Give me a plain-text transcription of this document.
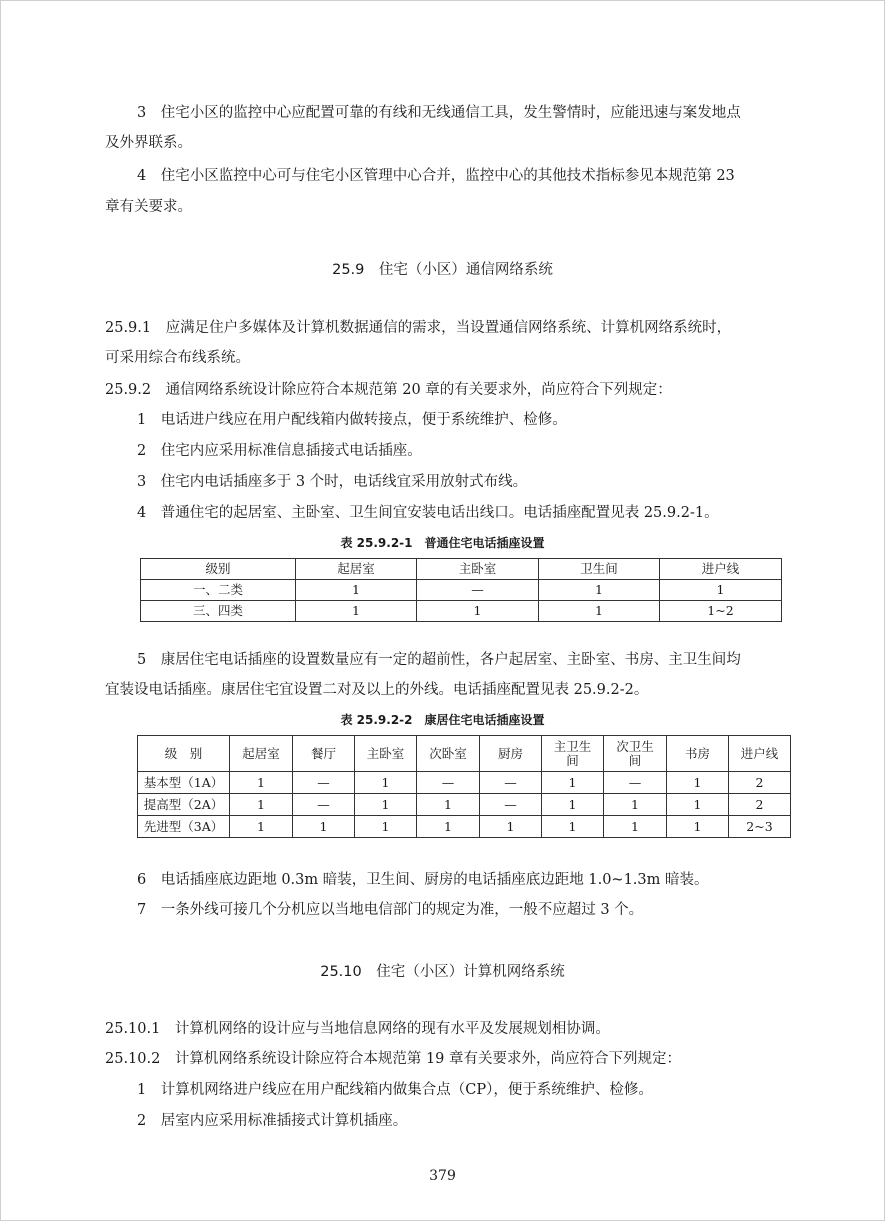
3　住宅小区的监控中心应配置可靠的有线和无线通信工具，发生警情时，应能迅速与案发地点
及外界联系。
4　住宅小区监控中心可与住宅小区管理中心合并，监控中心的其他技术指标参见本规范第 23
章有关要求。
25.9　住宅（小区）通信网络系统
25.9.1　应满足住户多媒体及计算机数据通信的需求，当设置通信网络系统、计算机网络系统时，
可采用综合布线系统。
25.9.2　通信网络系统设计除应符合本规范第 20 章的有关要求外，尚应符合下列规定：
1　电话进户线应在用户配线箱内做转接点，便于系统维护、检修。
2　住宅内应采用标准信息插接式电话插座。
3　住宅内电话插座多于 3 个时，电话线宜采用放射式布线。
4　普通住宅的起居室、主卧室、卫生间宜安装电话出线口。电话插座配置见表 25.9.2-1。
表 25.9.2-1　普通住宅电话插座设置
级别	起居室	主卧室	卫生间	进户线
一、二类	1	—	1	1
三、四类	1	1	1	1~2
5　康居住宅电话插座的设置数量应有一定的超前性，各户起居室、主卧室、书房、主卫生间均
宜装设电话插座。康居住宅宜设置二对及以上的外线。电话插座配置见表 25.9.2-2。
表 25.9.2-2　康居住宅电话插座设置
级　别	起居室	餐厅	主卧室	次卧室	厨房	主卫生间	次卫生间	书房	进户线
基本型（1A）	1	—	1	—	—	1	—	1	2
提高型（2A）	1	—	1	1	—	1	1	1	2
先进型（3A）	1	1	1	1	1	1	1	1	2~3
6　电话插座底边距地 0.3m 暗装，卫生间、厨房的电话插座底边距地 1.0~1.3m 暗装。
7　一条外线可接几个分机应以当地电信部门的规定为准，一般不应超过 3 个。
25.10　住宅（小区）计算机网络系统
25.10.1　计算机网络的设计应与当地信息网络的现有水平及发展规划相协调。
25.10.2　计算机网络系统设计除应符合本规范第 19 章有关要求外，尚应符合下列规定：
1　计算机网络进户线应在用户配线箱内做集合点（CP），便于系统维护、检修。
2　居室内应采用标准插接式计算机插座。
379
